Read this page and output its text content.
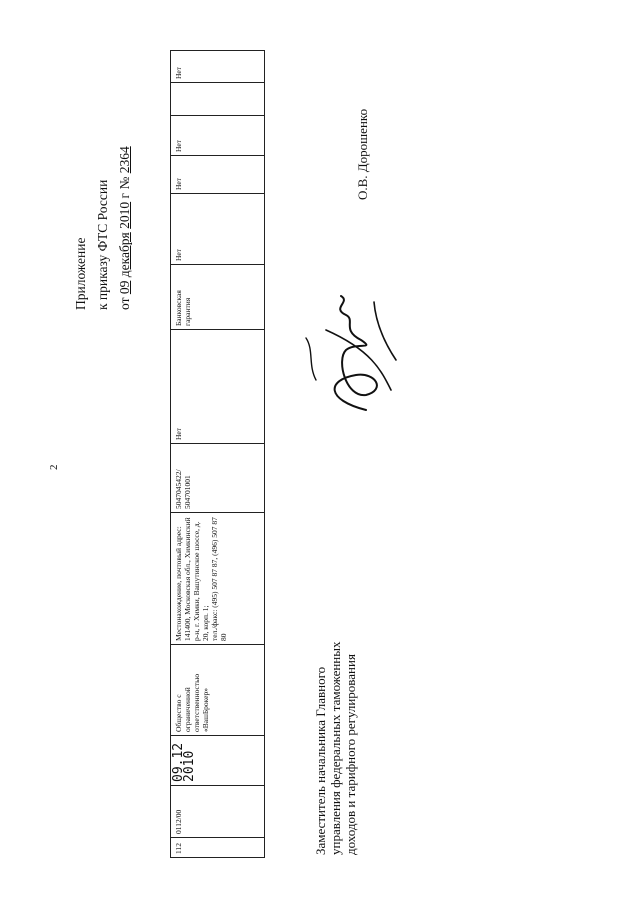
2
Приложение к приказу ФТС России от 09 декабря 2010 г № 2364
112
0112/00
09.12
2010
Общество с ограниченной ответственностью «ВашБрокер»
Местонахождение, почтовый адрес: 141400, Московская обл., Химкинский р-н, г. Химки, Вашутинское шоссе, д. 20, корп. 1;
тел./факс: (495) 507 87 87, (496) 507 87 80
5047045422/ 504701001
Нет
Банковская гарантия
Нет
Нет
Нет
Нет
Заместитель начальника Главного управления федеральных таможенных доходов и тарифного регулирования
О.В. Дорошенко
